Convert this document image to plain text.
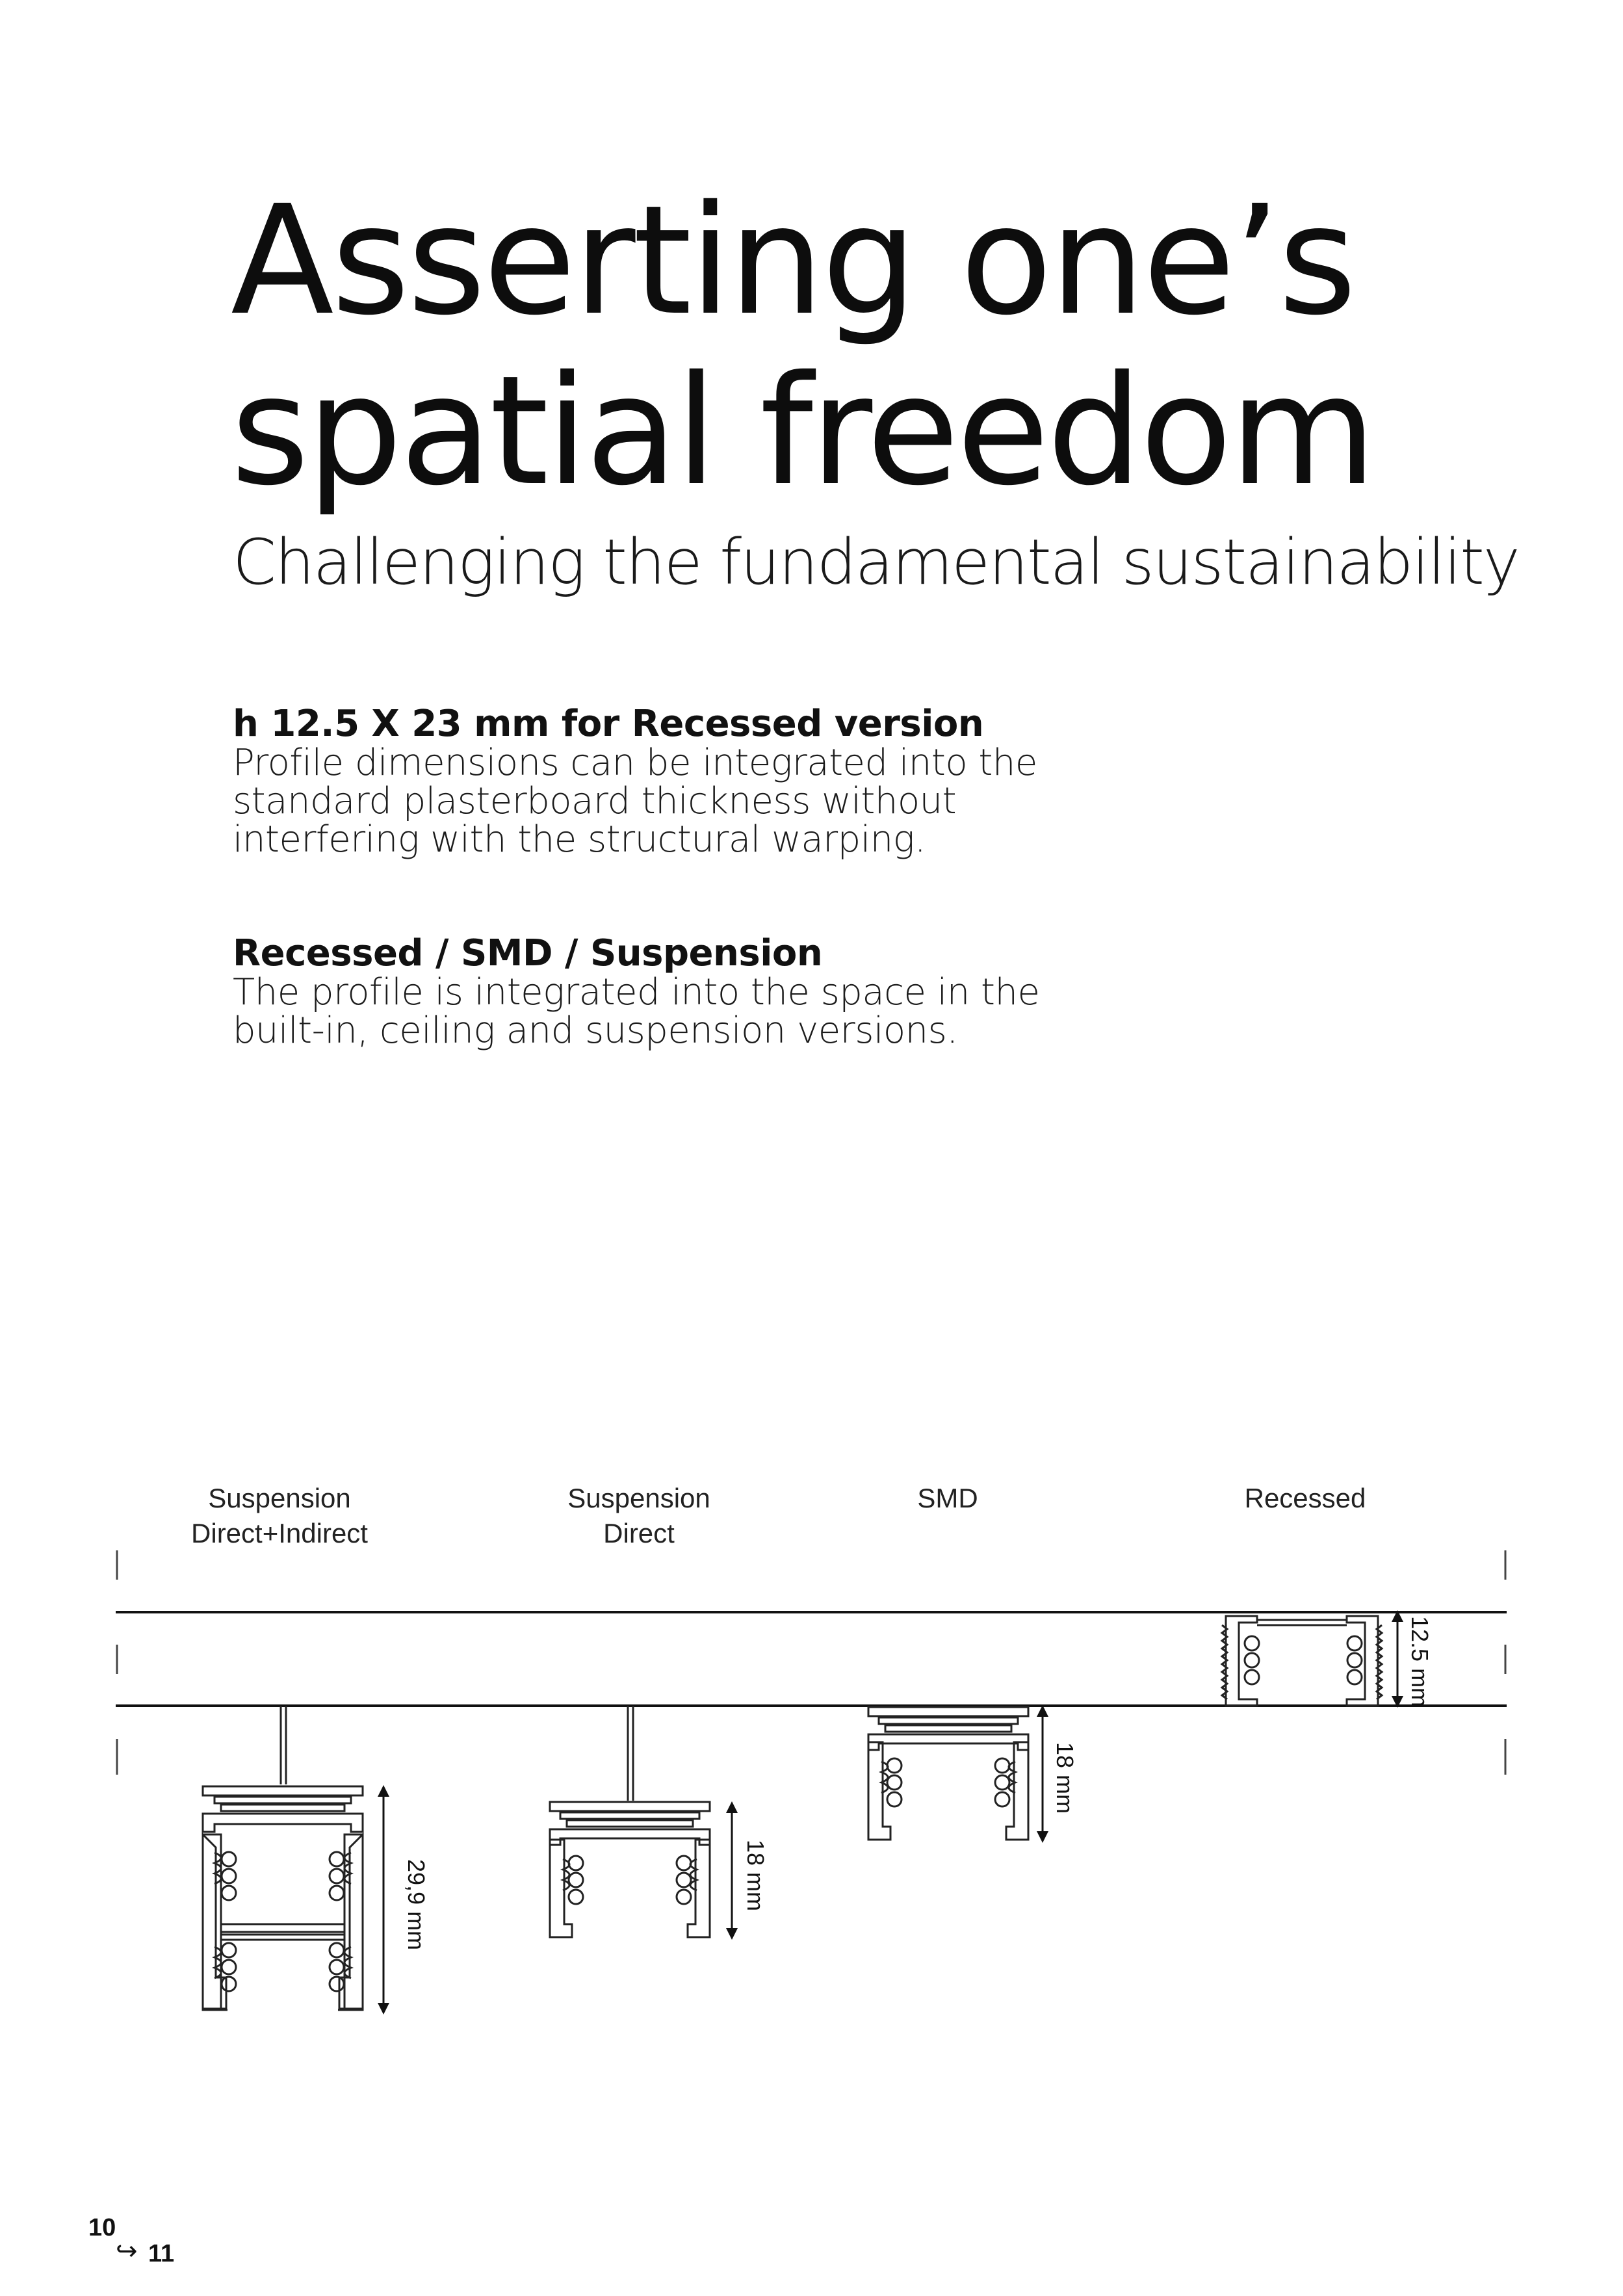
Asserting one’s
spatial freedom
Challenging the fundamental sustainability
h 12.5 X 23 mm for Recessed version

Profile dimensions can be integrated into the standard plasterboard thickness without interfering with the structural warping.

Recessed / SMD / Suspension

The profile is integrated into the space in the built-in, ceiling and suspension versions.

Suspension
Direct+Indirect
Suspension
Direct
SMD	Recessed
29,9 mm	18 mm
18 mm
12.5 mm
10
↪ 11
